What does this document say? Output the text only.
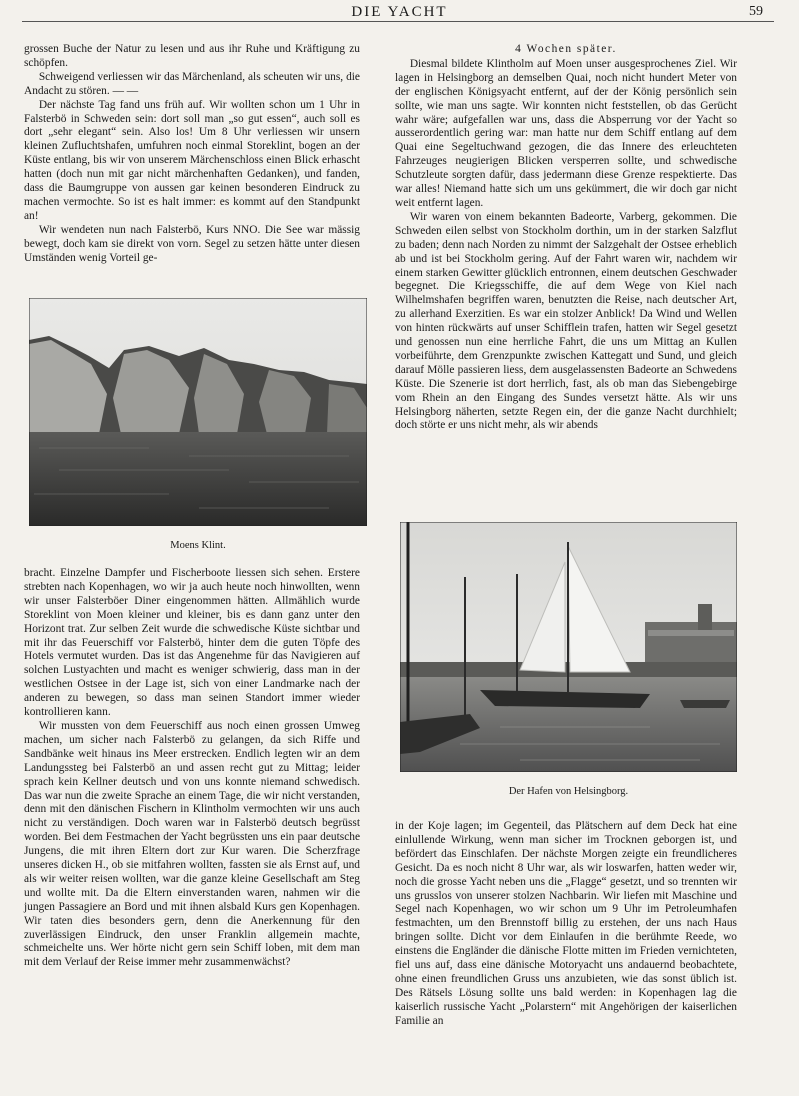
DIE YACHT	59

grossen Buche der Natur zu lesen und aus ihr Ruhe und Kräftigung zu schöpfen.

Schweigend verliessen wir das Märchenland, als scheuten wir uns, die Andacht zu stören. — —

Der nächste Tag fand uns früh auf. Wir wollten schon um 1 Uhr in Falsterbö in Schweden sein: dort soll man „so gut essen“, auch soll es dort „sehr elegant“ sein. Also los! Um 8 Uhr verliessen wir unsern kleinen Zufluchtshafen, umfuhren noch einmal Storeklint, bogen an der Küste entlang, bis wir von unserem Märchenschloss einen Blick erhascht hatten (doch nun mit gar nicht märchenhaften Gedanken), und fanden, dass die Baumgruppe von aussen gar keinen besonderen Eindruck zu machen vermochte. So ist es halt immer: es kommt auf den Standpunkt an!

Wir wendeten nun nach Falsterbö, Kurs NNO. Die See war mässig bewegt, doch kam sie direkt von vorn. Segel zu setzen hätte unter diesen Umständen wenig Vorteil ge-

Moens Klint.

bracht. Einzelne Dampfer und Fischerboote liessen sich sehen. Erstere strebten nach Kopenhagen, wo wir ja auch heute noch hinwollten, wenn wir unser Falsterböer Diner eingenommen hätten. Allmählich wurde Storeklint von Moen kleiner und kleiner, bis es dann ganz unter den Horizont trat. Zur selben Zeit wurde die schwedische Küste sichtbar und mit ihr das Feuerschiff vor Falsterbö, hinter dem die guten Töpfe des Hotels vermutet wurden. Das ist das Angenehme für das Navigieren auf solchen Lustyachten und macht es weniger schwierig, dass man in der westlichen Ostsee in der Lage ist, sich von einer Landmarke nach der anderen zu bewegen, so dass man seinen Standort immer wieder kontrollieren kann.

Wir mussten von dem Feuerschiff aus noch einen grossen Umweg machen, um sicher nach Falsterbö zu gelangen, da sich Riffe und Sandbänke weit hinaus ins Meer erstrecken. Endlich legten wir an dem Landungssteg bei Falsterbö an und assen recht gut zu Mittag; leider sprach kein Kellner deutsch und von uns konnte niemand schwedisch. Das war nun die zweite Sprache an einem Tage, die wir nicht verstanden, denn mit den dänischen Fischern in Klintholm vermochten wir uns auch nicht zu verständigen. Doch waren war in Falsterbö deutsch begrüsst worden. Bei dem Festmachen der Yacht begrüssten uns ein paar deutsche Jungens, die mit ihren Eltern dort zur Kur waren. Die Scherzfrage unseres dicken H., ob sie mitfahren wollten, fassten sie als Ernst auf, und als wir weiter reisen wollten, war die ganze kleine Gesellschaft am Steg und wollte mit. Da die Eltern einverstanden waren, nahmen wir die jungen Passagiere an Bord und mit ihnen alsbald Kurs gen Kopenhagen. Wir taten dies besonders gern, denn die Anerkennung für den zuverlässigen Eindruck, den unser Franklin allgemein machte, schmeichelte uns. Wer hörte nicht gern sein Schiff loben, mit dem man mit dem Verlauf der Reise immer mehr zusammenwächst?

4 Wochen später.

Diesmal bildete Klintholm auf Moen unser ausgesprochenes Ziel. Wir lagen in Helsingborg an demselben Quai, noch nicht hundert Meter von der englischen Königsyacht entfernt, auf der der König persönlich sein sollte, wie man uns sagte. Wir konnten nicht feststellen, ob das Gerücht wahr wäre; aufgefallen war uns, dass die Absperrung vor der Yacht so ausserordentlich gering war: man hatte nur dem Schiff entlang auf dem Quai eine Segeltuchwand gezogen, die das Innere des erleuchteten Fahrzeuges neugierigen Blicken versperren sollte, und schwedische Schutzleute sorgten dafür, dass jedermann diese Grenze respektierte. Das war alles! Niemand hatte sich um uns gekümmert, die wir doch gar nicht weit entfernt lagen.

Wir waren von einem bekannten Badeorte, Varberg, gekommen. Die Schweden eilen selbst von Stockholm dorthin, um in der starken Salzflut zu baden; denn nach Norden zu nimmt der Salzgehalt der Ostsee erheblich ab und ist bei Stockholm gering. Auf der Fahrt waren wir, nachdem wir einem starken Gewitter glücklich entronnen, einem deutschen Geschwader begegnet. Die Kriegsschiffe, die auf dem Wege von Kiel nach Wilhelmshafen begriffen waren, benutzten die Reise, nach deutscher Art, zu allerhand Exerzitien. Es war ein stolzer Anblick! Da Wind und Wellen von hinten rückwärts auf unser Schifflein trafen, hatten wir Segel gesetzt und genossen nun eine herrliche Fahrt, die uns um Mittag an Kullen vorbeiführte, dem Grenzpunkte zwischen Kattegatt und Sund, und gleich darauf Mölle passieren liess, dem ausgelassensten Badeorte an Schwedens Küste. Die Szenerie ist dort herrlich, fast, als ob man das Siebengebirge vom Rhein an den Eingang des Sundes versetzt hätte. Als wir uns Helsingborg näherten, setzte Regen ein, der die ganze Nacht durchhielt; doch störte er uns nicht mehr, als wir abends

Der Hafen von Helsingborg.

in der Koje lagen; im Gegenteil, das Plätschern auf dem Deck hat eine einlullende Wirkung, wenn man sicher im Trocknen geborgen ist, und befördert das Einschlafen. Der nächste Morgen zeigte ein freundlicheres Gesicht. Da es noch nicht 8 Uhr war, als wir loswarfen, hatten weder wir, noch die grosse Yacht neben uns die „Flagge“ gesetzt, und so trennten wir uns grusslos von unserer stolzen Nachbarin. Wir liefen mit Maschine und Segel nach Kopenhagen, wo wir schon um 9 Uhr im Petroleumhafen festmachten, um den Brennstoff billig zu erstehen, der uns nach Haus bringen sollte. Dicht vor dem Einlaufen in die berühmte Reede, wo einstens die Engländer die dänische Flotte mitten im Frieden vernichteten, fiel uns auf, dass eine dänische Motoryacht uns andauernd beobachtete, ohne einen freundlichen Gruss uns anzubieten, wie das sonst üblich ist. Des Rätsels Lösung sollte uns bald werden: in Kopenhagen lag die kaiserlich russische Yacht „Polarstern“ mit Angehörigen der kaiserlichen Familie an
